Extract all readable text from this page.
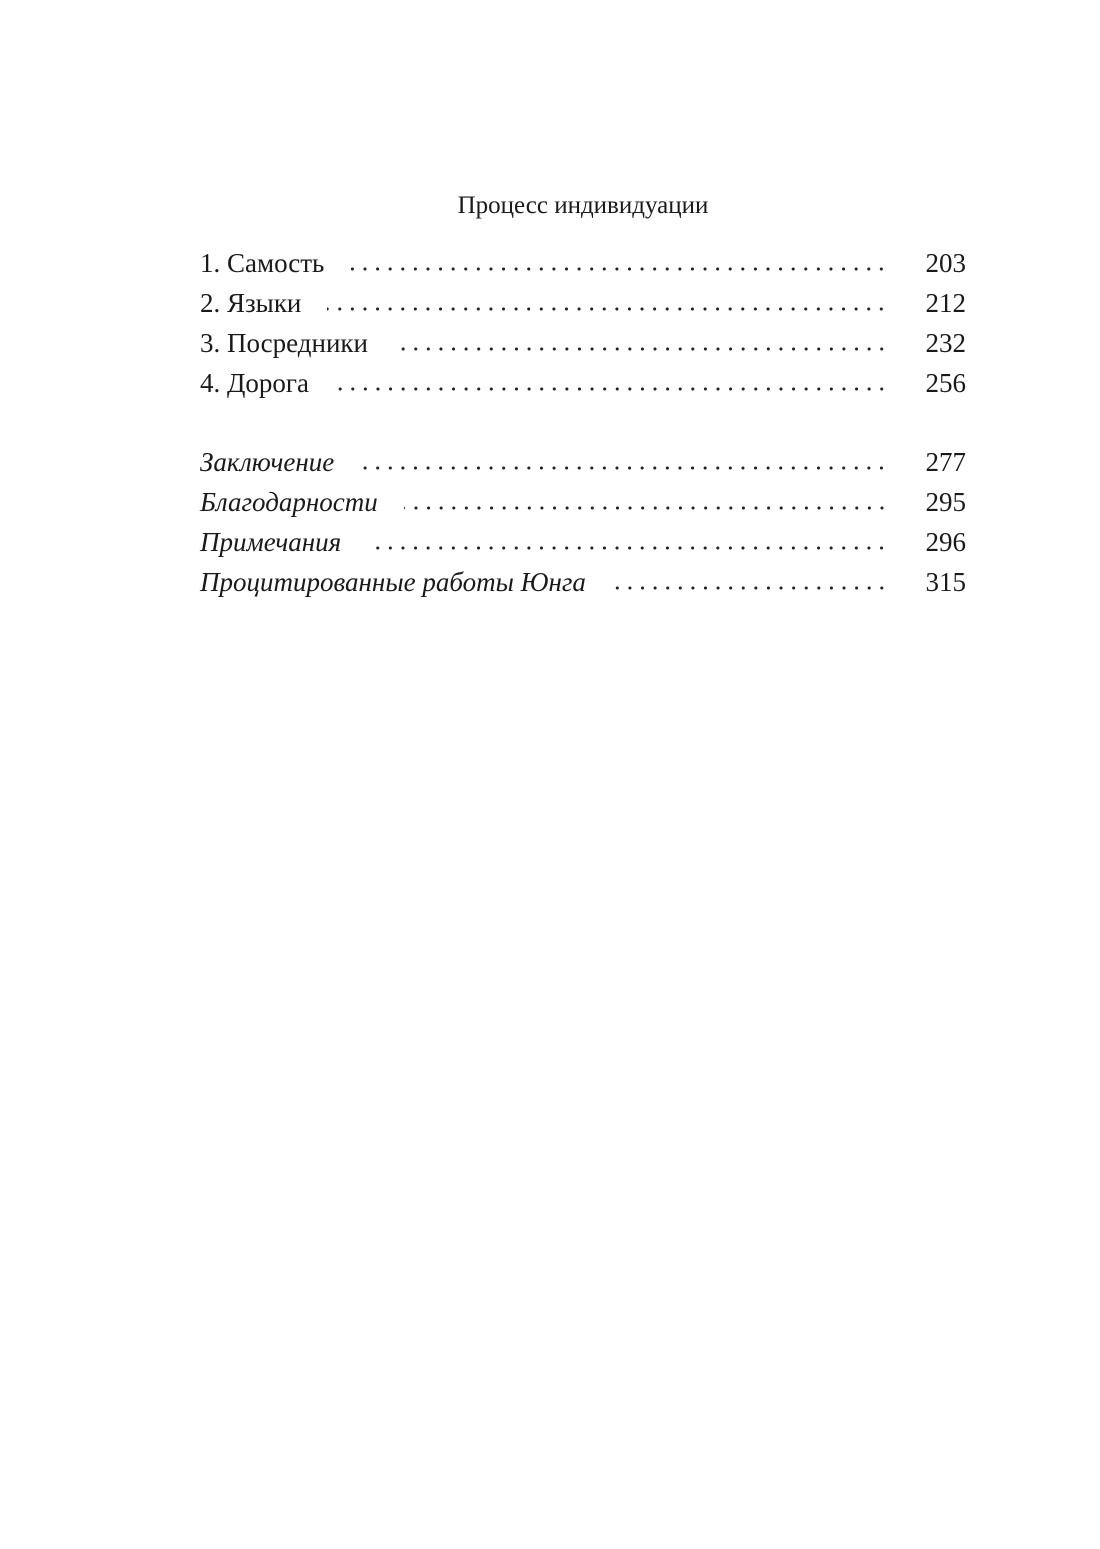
Процесс индивидуации
1. Самость	203
2. Языки	212
3. Посредники	232
4. Дорога	256
Заключение	277
Благодарности	295
Примечания	296
Процитированные работы Юнга	315
